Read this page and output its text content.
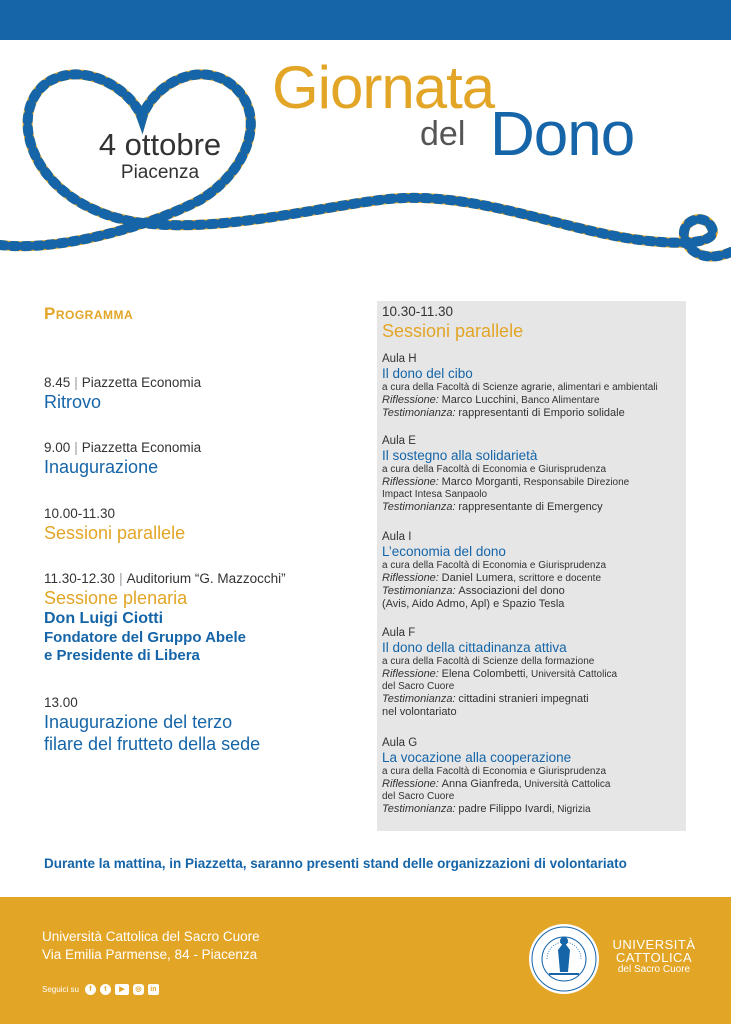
4 ottobre
Piacenza
Giornata
del Dono
Programma
8.45 | Piazzetta Economia
Ritrovo
9.00 | Piazzetta Economia
Inaugurazione
10.00-11.30
Sessioni parallele
11.30-12.30 | Auditorium “G. Mazzocchi”
Sessione plenaria
Don Luigi Ciotti
Fondatore del Gruppo Abele
e Presidente di Libera
13.00
Inaugurazione del terzo
filare del frutteto della sede
10.30-11.30
Sessioni parallele
Aula H
Il dono del cibo
a cura della Facoltà di Scienze agrarie, alimentari e ambientali
Riflessione: Marco Lucchini, Banco Alimentare
Testimonianza: rappresentanti di Emporio solidale
Aula E
Il sostegno alla solidarietà
a cura della Facoltà di Economia e Giurisprudenza
Riflessione: Marco Morganti, Responsabile Direzione
Impact Intesa Sanpaolo
Testimonianza: rappresentante di Emergency
Aula I
L’economia del dono
a cura della Facoltà di Economia e Giurisprudenza
Riflessione: Daniel Lumera, scrittore e docente
Testimonianza: Associazioni del dono
(Avis, Aido Admo, Apl) e Spazio Tesla
Aula F
Il dono della cittadinanza attiva
a cura della Facoltà di Scienze della formazione
Riflessione: Elena Colombetti, Università Cattolica
del Sacro Cuore
Testimonianza: cittadini stranieri impegnati
nel volontariato
Aula G
La vocazione alla cooperazione
a cura della Facoltà di Economia e Giurisprudenza
Riflessione: Anna Gianfreda, Università Cattolica
del Sacro Cuore
Testimonianza: padre Filippo Ivardi, Nigrizia
Durante la mattina, in Piazzetta, saranno presenti stand delle organizzazioni di volontariato
Università Cattolica del Sacro Cuore
Via Emilia Parmense, 84 - Piacenza
Seguici su	f	t	▶	◎	in
UNIVERSITÀ
CATTOLICA
del Sacro Cuore
